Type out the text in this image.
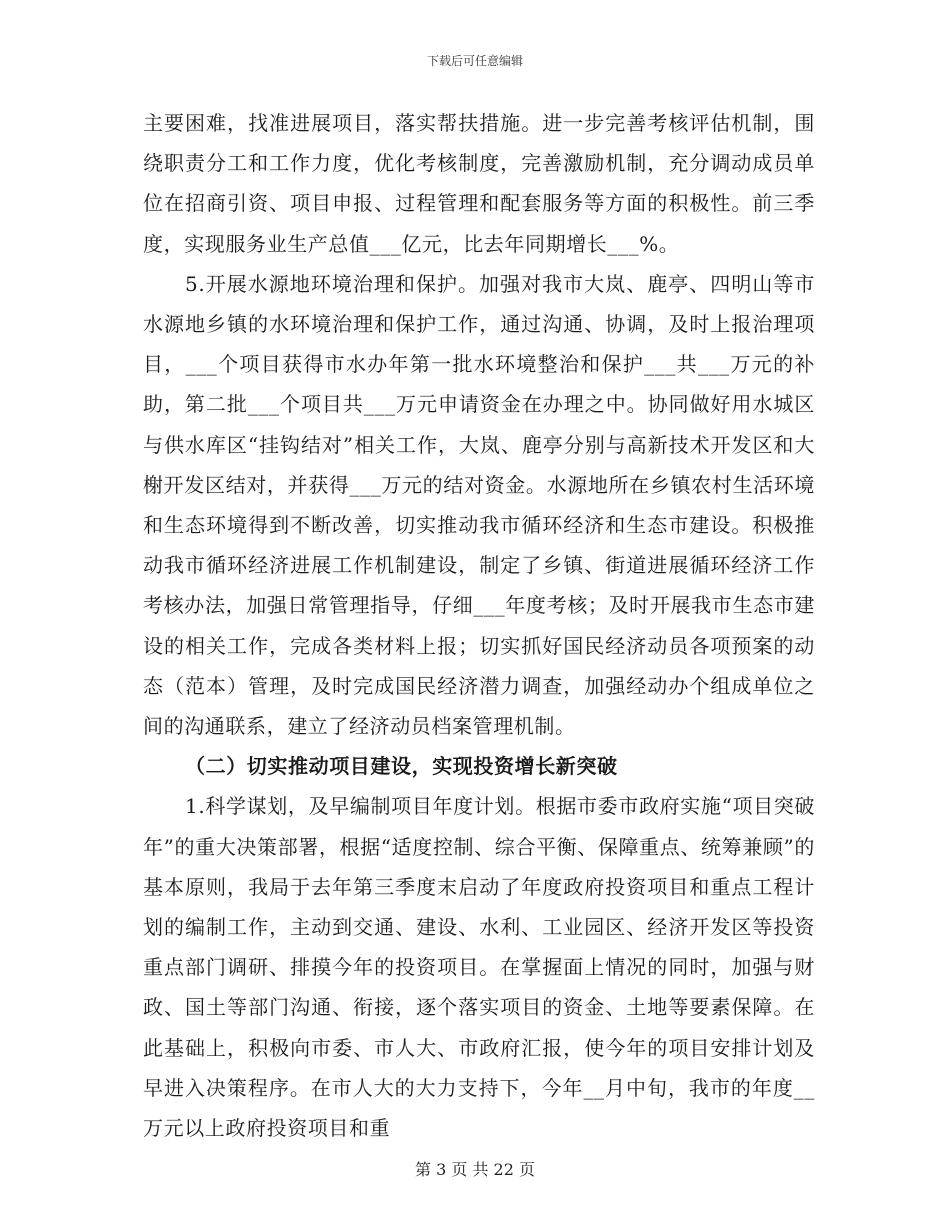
下载后可任意编辑

主要困难，找准进展项目，落实帮扶措施。进一步完善考核评估机制，围绕职责分工和工作力度，优化考核制度，完善激励机制，充分调动成员单位在招商引资、项目申报、过程管理和配套服务等方面的积极性。前三季度，实现服务业生产总值___亿元，比去年同期增长___%。

5.开展水源地环境治理和保护。加强对我市大岚、鹿亭、四明山等市水源地乡镇的水环境治理和保护工作，通过沟通、协调，及时上报治理项目，___个项目获得市水办年第一批水环境整治和保护___共___万元的补助，第二批___个项目共___万元申请资金在办理之中。协同做好用水城区与供水库区“挂钩结对”相关工作，大岚、鹿亭分别与高新技术开发区和大榭开发区结对，并获得___万元的结对资金。水源地所在乡镇农村生活环境和生态环境得到不断改善，切实推动我市循环经济和生态市建设。积极推动我市循环经济进展工作机制建设，制定了乡镇、街道进展循环经济工作考核办法，加强日常管理指导，仔细___年度考核；及时开展我市生态市建设的相关工作，完成各类材料上报；切实抓好国民经济动员各项预案的动态（范本）管理，及时完成国民经济潜力调查，加强经动办个组成单位之间的沟通联系，建立了经济动员档案管理机制。

（二）切实推动项目建设，实现投资增长新突破

1.科学谋划，及早编制项目年度计划。根据市委市政府实施“项目突破年”的重大决策部署，根据“适度控制、综合平衡、保障重点、统筹兼顾”的基本原则，我局于去年第三季度末启动了年度政府投资项目和重点工程计划的编制工作，主动到交通、建设、水利、工业园区、经济开发区等投资重点部门调研、排摸今年的投资项目。在掌握面上情况的同时，加强与财政、国土等部门沟通、衔接，逐个落实项目的资金、土地等要素保障。在此基础上，积极向市委、市人大、市政府汇报，使今年的项目安排计划及早进入决策程序。在市人大的大力支持下，今年__月中旬，我市的年度__万元以上政府投资项目和重

第 3 页 共 22 页
